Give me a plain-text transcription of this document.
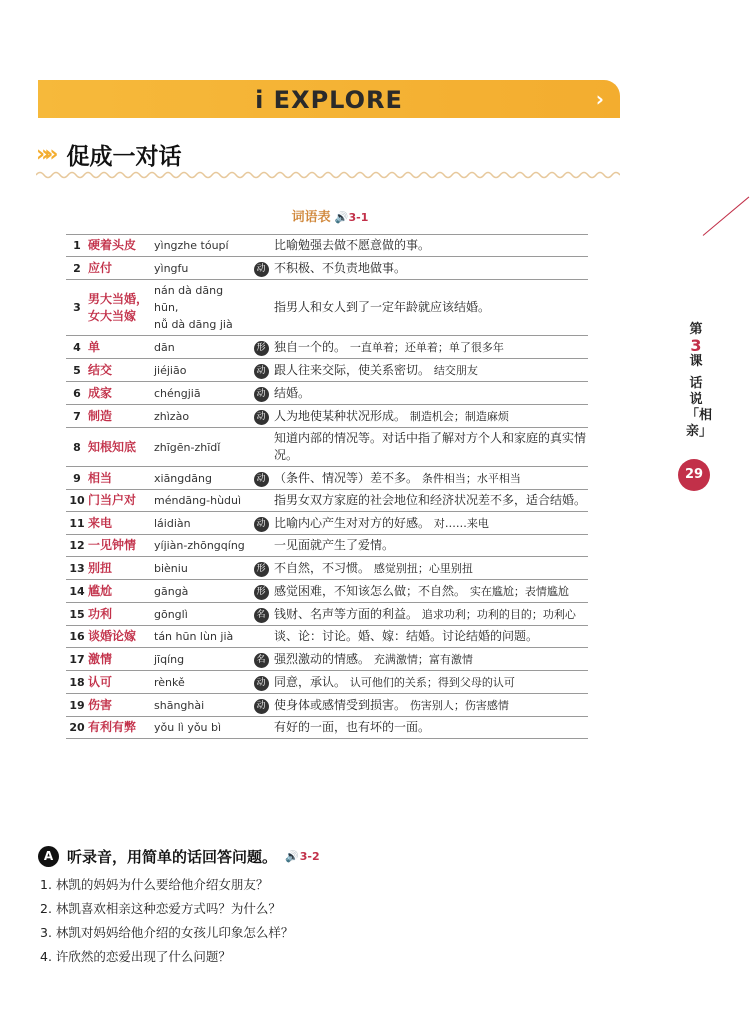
i EXPLORE	›
»» 促成一对话
词语表 🔊3-1
1	硬着头皮	yìngzhe tóupí		比喻勉强去做不愿意做的事。
2	应付	yìngfu	动	不积极、不负责地做事。
3	男大当婚，
女大当嫁	nán dà dāng hūn,
nǚ dà dāng jià		指男人和女人到了一定年龄就应该结婚。
4	单	dān	形	独自一个的。 一直单着；还单着；单了很多年
5	结交	jiéjiāo	动	跟人往来交际，使关系密切。 结交朋友
6	成家	chéngjiā	动	结婚。
7	制造	zhìzào	动	人为地使某种状况形成。 制造机会；制造麻烦
8	知根知底	zhīgēn-zhīdǐ		知道内部的情况等。对话中指了解对方个人和家庭的真实情况。
9	相当	xiāngdāng	动	（条件、情况等）差不多。 条件相当；水平相当
10	门当户对	méndāng-hùduì		指男女双方家庭的社会地位和经济状况差不多，适合结婚。
11	来电	láidiàn	动	比喻内心产生对对方的好感。 对……来电
12	一见钟情	yíjiàn-zhōngqíng		一见面就产生了爱情。
13	别扭	bièniu	形	不自然，不习惯。 感觉别扭；心里别扭
14	尴尬	gāngà	形	感觉困难，不知该怎么做；不自然。 实在尴尬；表情尴尬
15	功利	gōnglì	名	钱财、名声等方面的利益。 追求功利；功利的目的；功利心
16	谈婚论嫁	tán hūn lùn jià		谈、论：讨论。婚、嫁：结婚。讨论结婚的问题。
17	激情	jīqíng	名	强烈激动的情感。 充满激情；富有激情
18	认可	rènkě	动	同意，承认。 认可他们的关系；得到父母的认可
19	伤害	shānghài	动	使身体或感情受到损害。 伤害别人；伤害感情
20	有利有弊	yǒu lì yǒu bì		有好的一面，也有坏的一面。
第
3
课
话说「相亲」
29
A 听录音，用简单的话回答问题。 🔊 3-2
1. 林凯的妈妈为什么要给他介绍女朋友？
2. 林凯喜欢相亲这种恋爱方式吗？为什么？
3. 林凯对妈妈给他介绍的女孩儿印象怎么样？
4. 许欣然的恋爱出现了什么问题？
